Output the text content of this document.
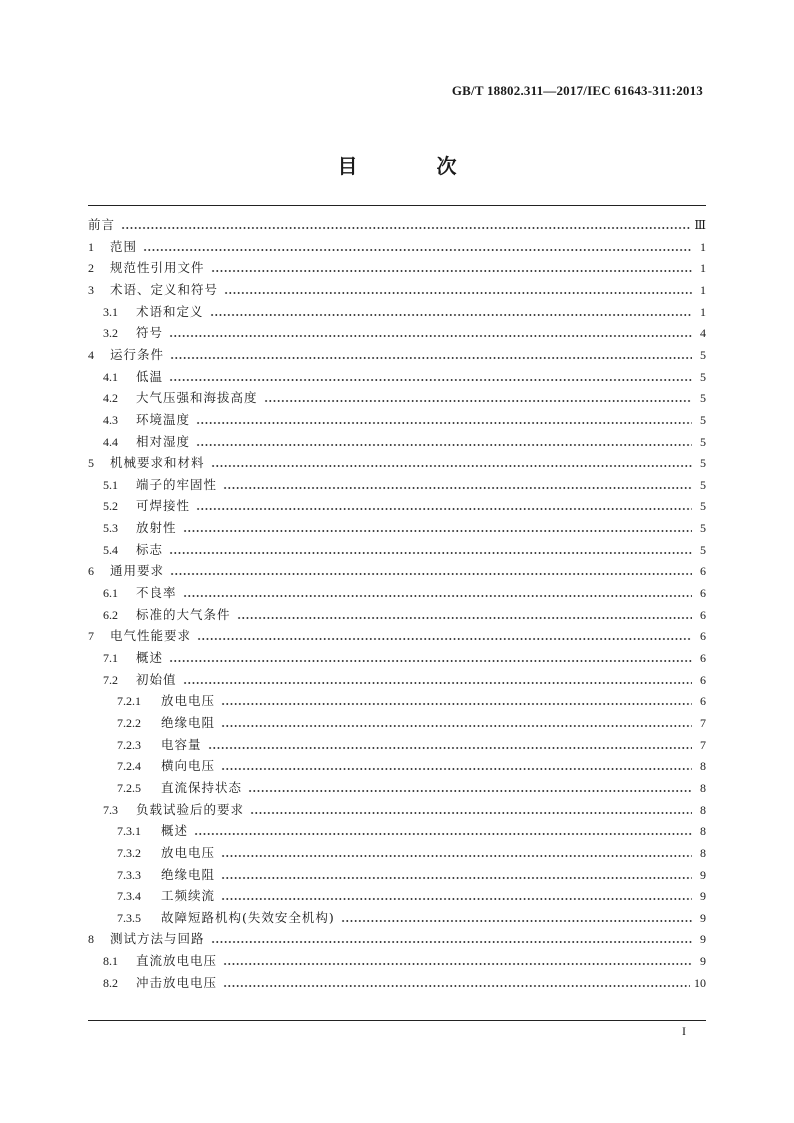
GB/T 18802.311—2017/IEC 61643-311:2013
目 次
前言	Ⅲ
1	范围	1
2	规范性引用文件	1
3	术语、定义和符号	1
3.1	术语和定义	1
3.2	符号	4
4	运行条件	5
4.1	低温	5
4.2	大气压强和海拔高度	5
4.3	环境温度	5
4.4	相对湿度	5
5	机械要求和材料	5
5.1	端子的牢固性	5
5.2	可焊接性	5
5.3	放射性	5
5.4	标志	5
6	通用要求	6
6.1	不良率	6
6.2	标准的大气条件	6
7	电气性能要求	6
7.1	概述	6
7.2	初始值	6
7.2.1	放电电压	6
7.2.2	绝缘电阻	7
7.2.3	电容量	7
7.2.4	横向电压	8
7.2.5	直流保持状态	8
7.3	负载试验后的要求	8
7.3.1	概述	8
7.3.2	放电电压	8
7.3.3	绝缘电阻	9
7.3.4	工频续流	9
7.3.5	故障短路机构(失效安全机构)	9
8	测试方法与回路	9
8.1	直流放电电压	9
8.2	冲击放电电压	10
I
